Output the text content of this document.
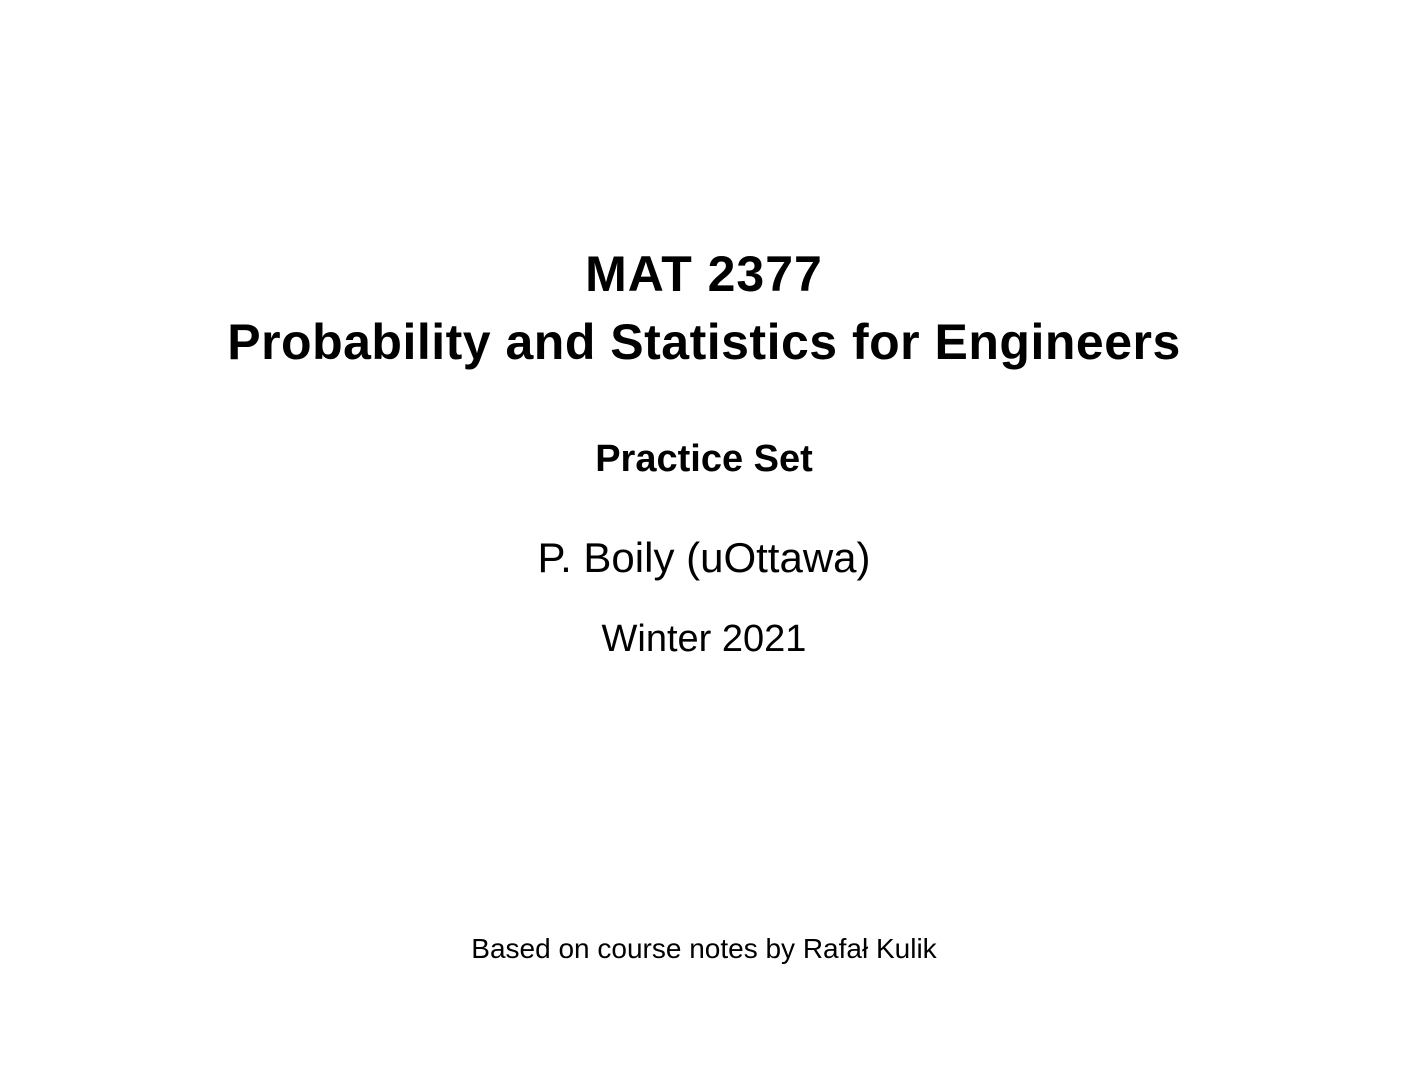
MAT 2377
Probability and Statistics for Engineers
Practice Set
P. Boily (uOttawa)
Winter 2021
Based on course notes by Rafał Kulik
